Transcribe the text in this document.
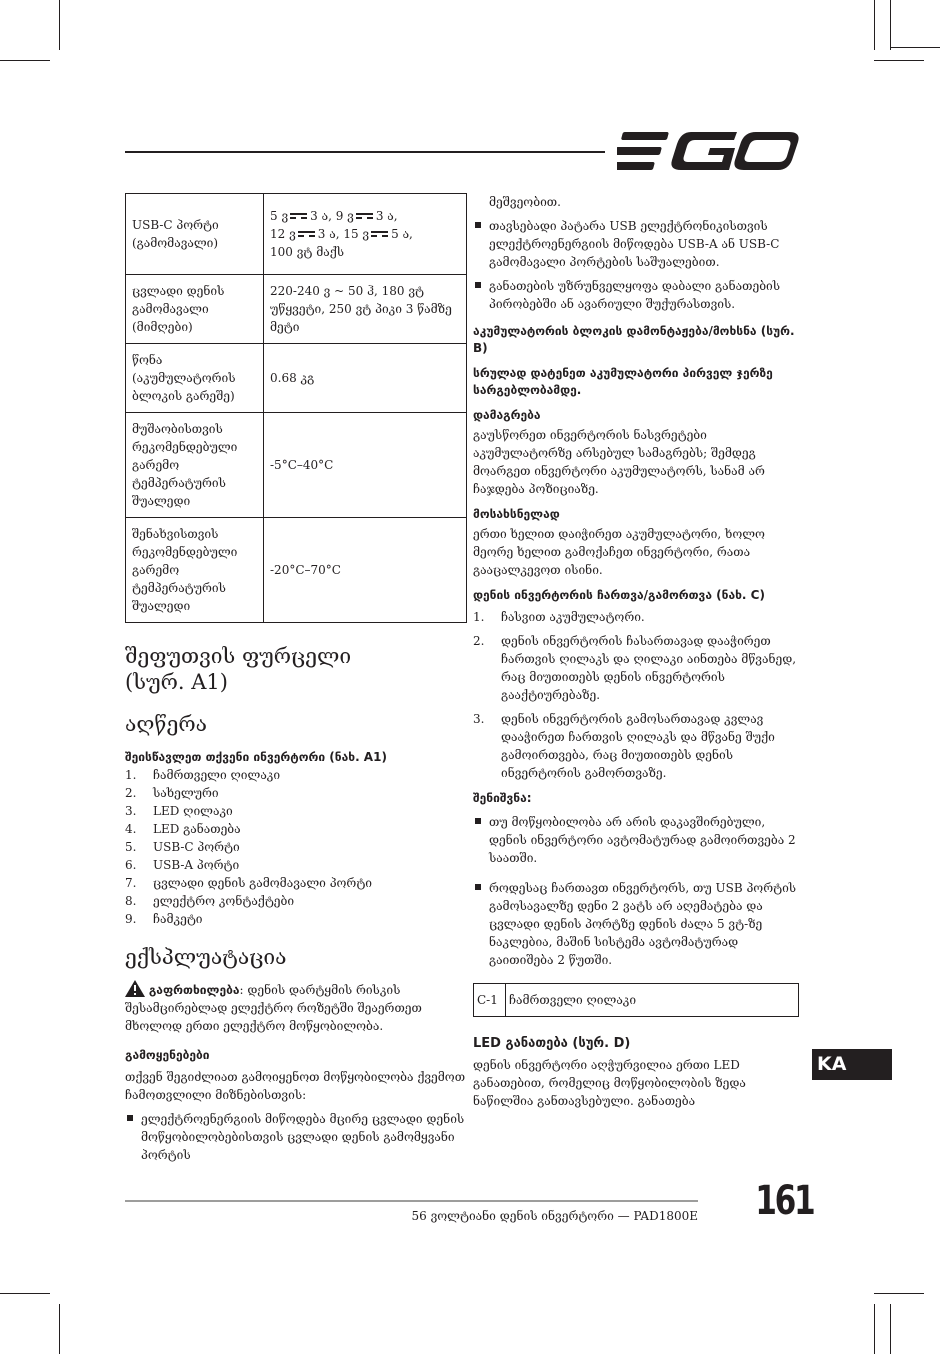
USB-C პორტი (გამომავალი)	5 ვ 3 ა, 9 ვ 3 ა,
12 ვ 3 ა, 15 ვ 5 ა,
100 ვტ მაქს
ცვლადი დენის გამომავალი (მიმღები)	220-240 ვ ~ 50 ჰ, 180 ვტ უწყვეტი, 250 ვტ პიკი 3 წამზე მეტი
წონა (აკუმულატორის ბლოკის გარეშე)	0.68 კგ
მუშაობისთვის რეკომენდებული გარემო ტემპერატურის შუალედი	-5°C–40°C
შენახვისთვის რეკომენდებული გარემო ტემპერატურის შუალედი	-20°C–70°C
შეფუთვის ფურცელი (სურ. A1)
აღწერა
შეისწავლეთ თქვენი ინვერტორი (ნახ. A1)
1.	ჩამრთველი ღილაკი
2.	სახელური
3.	LED ღილაკი
4.	LED განათება
5.	USB-C პორტი
6.	USB-A პორტი
7.	ცვლადი დენის გამომავალი პორტი
8.	ელექტრო კონტაქტები
9.	ჩამკეტი
ექსპლუატაცია

გაფრთხილება: დენის დარტყმის რისკის შესამცირებლად ელექტრო როზეტში შეაერთეთ მხოლოდ ერთი ელექტრო მოწყობილობა.

გამოყენებები

თქვენ შეგიძლიათ გამოიყენოთ მოწყობილობა ქვემოთ ჩამოთვლილი მიზნებისთვის:

ელექტროენერგიის მიწოდება მცირე ცვლადი დენის მოწყობილობებისთვის ცვლადი დენის გამომყვანი პორტის

მეშვეობით.

თავსებადი პატარა USB ელექტრონიკისთვის ელექტროენერგიის მიწოდება USB-A ან USB-C გამომავალი პორტების საშუალებით.
განათების უზრუნველყოფა დაბალი განათების პირობებში ან ავარიული შუქურასთვის.
აკუმულატორის ბლოკის დამონტაჟება/მოხსნა (სურ. B)
სრულად დატენეთ აკუმულატორი პირველ ჯერზე სარგებლობამდე.
დამაგრება

გაუსწორეთ ინვერტორის ნასვრეტები აკუმულატორზე არსებულ სამაგრებს; შემდეგ მოარგეთ ინვერტორი აკუმულატორს, სანამ არ ჩაჯდება პოზიციაზე.

მოსახსნელად

ერთი ხელით დაიჭირეთ აკუმულატორი, ხოლო მეორე ხელით გამოქაჩეთ ინვერტორი, რათა გააცალკევოთ ისინი.

დენის ინვერტორის ჩართვა/გამორთვა (ნახ. C)
1.	ჩასვით აკუმულატორი.
2.	დენის ინვერტორის ჩასართავად დააჭირეთ ჩართვის ღილაკს და ღილაკი აინთება მწვანედ, რაც მიუთითებს დენის ინვერტორის გააქტიურებაზე.
3.	დენის ინვერტორის გამოსართავად კვლავ დააჭირეთ ჩართვის ღილაკს და მწვანე შუქი გამოირთვება, რაც მიუთითებს დენის ინვერტორის გამორთვაზე.
შენიშვნა:
თუ მოწყობილობა არ არის დაკავშირებული, დენის ინვერტორი ავტომატურად გამოირთვება 2 საათში.
როდესაც ჩართავთ ინვერტორს, თუ USB პორტის გამოსავალზე დენი 2 ვატს არ აღემატება და ცვლადი დენის პორტზე დენის ძალა 5 ვტ-ზე ნაკლებია, მაშინ სისტემა ავტომატურად გაითიშება 2 წუთში.
C-1 ჩამრთველი ღილაკი
LED განათება (სურ. D)

დენის ინვერტორი აღჭურვილია ერთი LED განათებით, რომელიც მოწყობილობის ზედა ნაწილშია განთავსებული. განათება

KA
56 ვოლტიანი დენის ინვერტორი — PAD1800E 161
